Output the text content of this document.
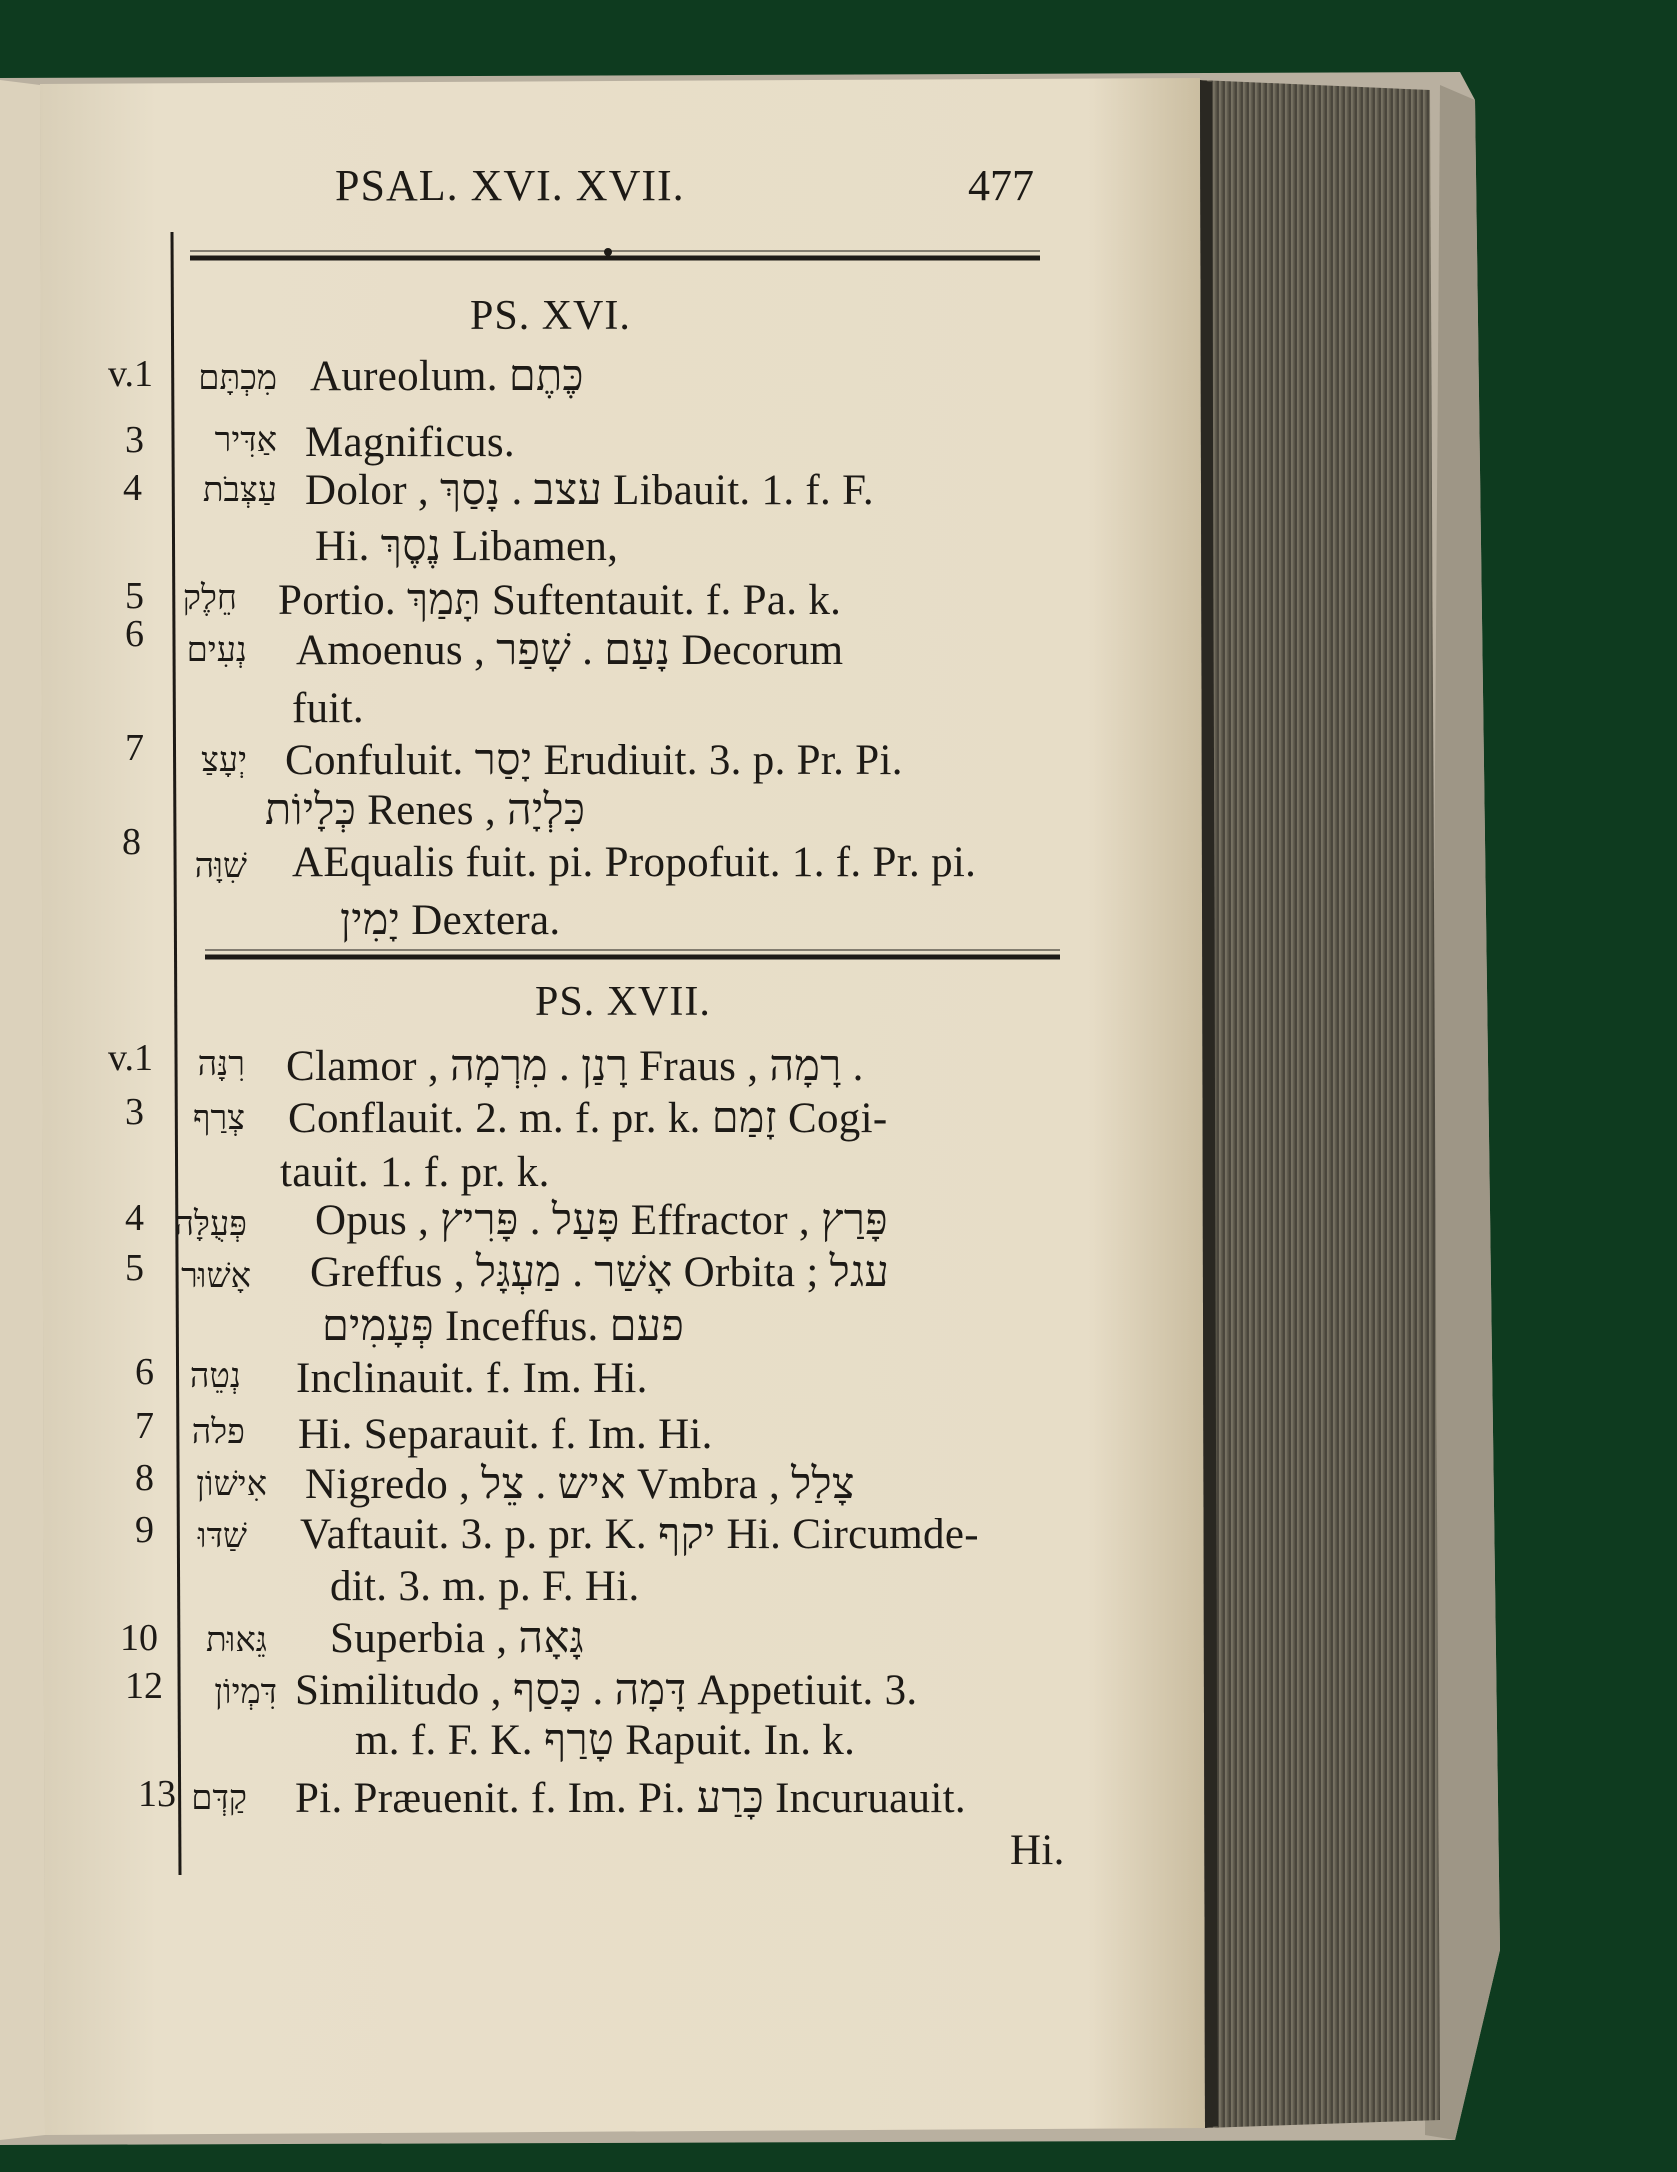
PSAL. XVI. XVII.	477
PS. XVI.
v.1 מִכְתָּם Aureolum. כֶּתֶם
3 אַדִּיר Magnificus.
4 עַצְּבֹת Dolor , עצב . נָסַךְ Libauit. 1. f. F.
Hi. נֶסֶךְ Libamen,
5 חֵלֶק Portio. תָּמַךְ Suftentauit. f. Pa. k.
6 נְעִים Amoenus , נָעַם . שָׁפַר Decorum
fuit.
7 יְעָצַ Confuluit. יָסַר Erudiuit. 3. p. Pr. Pi.
כְּלָיוֹת Renes , כִּלְיָה
8
שִׁוָּה AEqualis fuit. pi. Propofuit. 1. f. Pr. pi.
יָמִין Dextera.
PS. XVII.
v.1 רִנָּה Clamor , רָנַן . מִרְמָה Fraus , רָמָה .
3 צְרַף Conflauit. 2. m. f. pr. k. זָמַם Cogi-
tauit. 1. f. pr. k.
4 פְּעֻלָּה Opus , פָּעַל . פָּרִיץ Effractor , פָּרַץ
5 אָשׁוּר Greffus , אָשַׁר . מַעְגָּל Orbita ; עגל
פְּעָמִים Inceffus. פעם
6 נְטֵה Inclinauit. f. Im. Hi.
7 פלה Hi. Separauit. f. Im. Hi.
8 אִישׁוֹן Nigredo , איש . צֵל Vmbra , צָלַל
9 שַׁדּוּ Vaftauit. 3. p. pr. K. יקף Hi. Circumde-
dit. 3. m. p. F. Hi.
10 גֵּאוּת Superbia , גָּאָה
12 דִּמְיוֹן Similitudo , דָּמָה . כָּסַף Appetiuit. 3.
m. f. F. K. טָרַף Rapuit. In. k.
13 קַדְּם Pi. Præuenit. f. Im. Pi. כָּרַע Incuruauit.
Hi.
